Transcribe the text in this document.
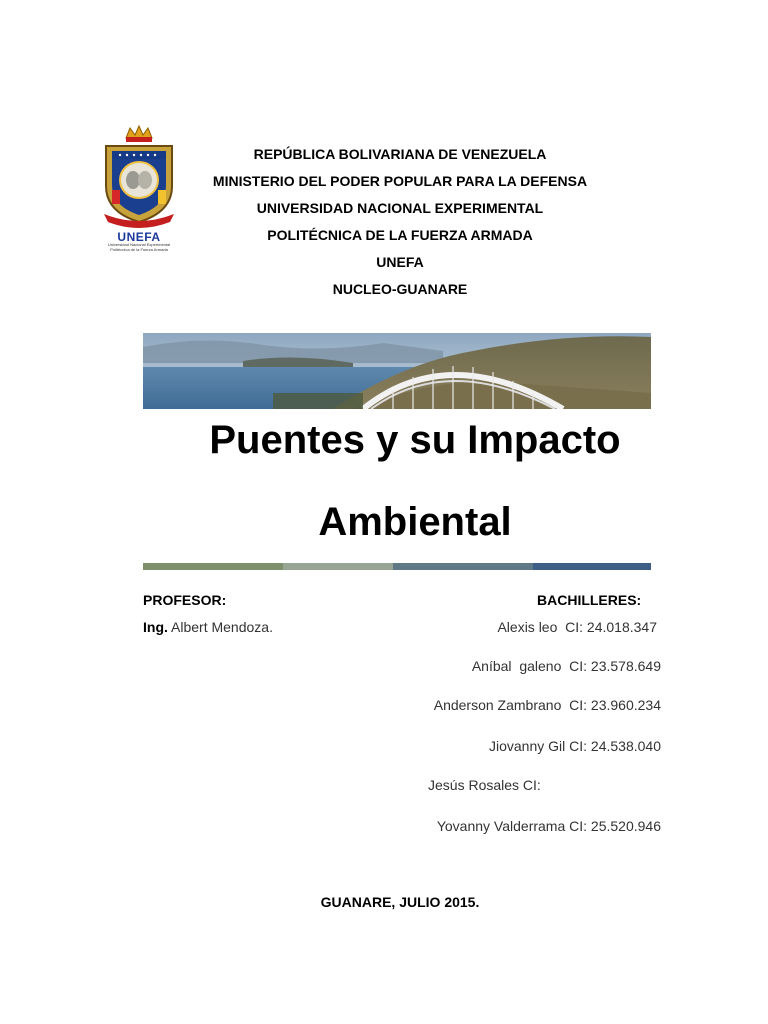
UNEFA
Universidad Nacional Experimental
Politécnica de la Fuerza Armada
REPÚBLICA BOLIVARIANA DE VENEZUELA
MINISTERIO DEL PODER POPULAR PARA LA DEFENSA
UNIVERSIDAD NACIONAL EXPERIMENTAL
POLITÉCNICA DE LA FUERZA ARMADA
UNEFA
NUCLEO-GUANARE
Puentes y su Impacto
Ambiental
PROFESOR:
Ing. Albert Mendoza.
BACHILLERES:
Alexis leo  CI: 24.018.347
Aníbal  galeno  CI: 23.578.649
Anderson Zambrano  CI: 23.960.234
Jiovanny Gil CI: 24.538.040
Jesús Rosales CI:
Yovanny Valderrama CI: 25.520.946
GUANARE, JULIO 2015.
